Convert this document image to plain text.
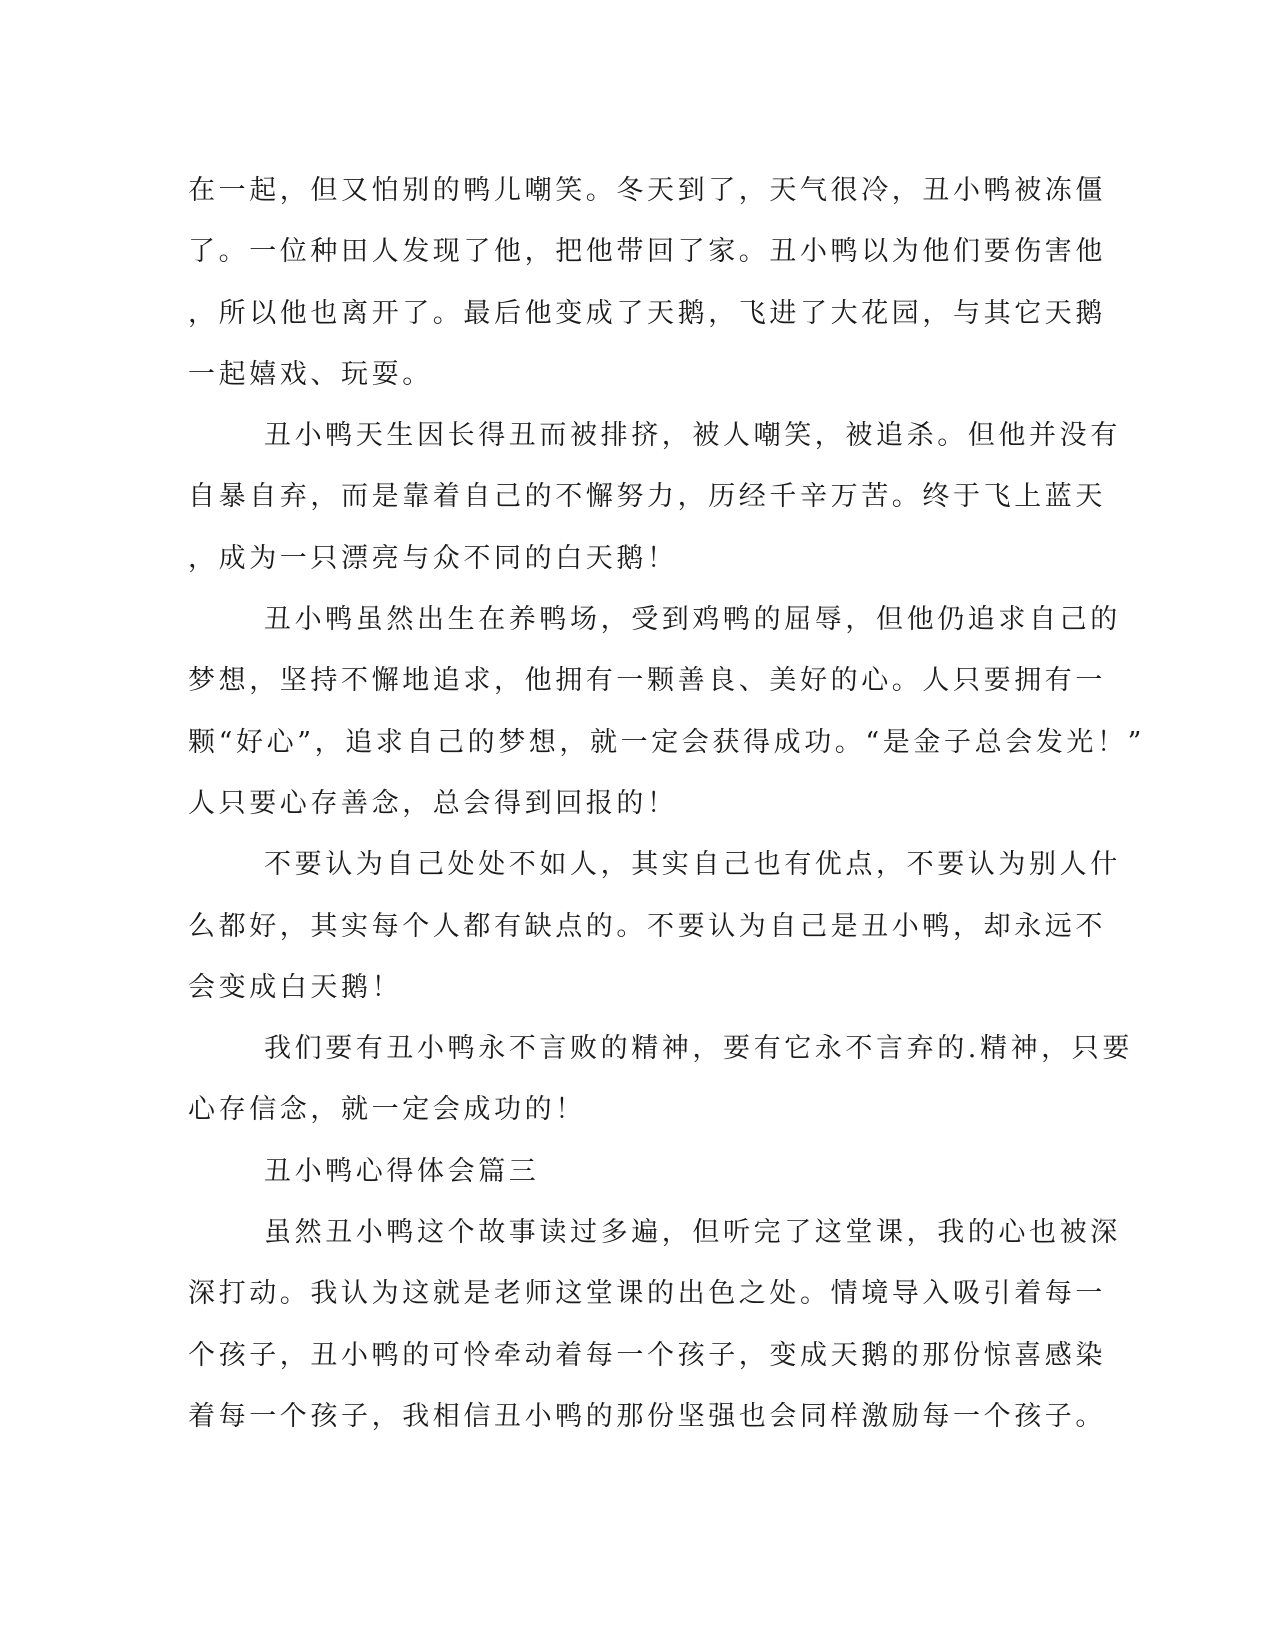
在一起，但又怕别的鸭儿嘲笑。冬天到了，天气很冷，丑小鸭被冻僵
了。一位种田人发现了他，把他带回了家。丑小鸭以为他们要伤害他
，所以他也离开了。最后他变成了天鹅，飞进了大花园，与其它天鹅
一起嬉戏、玩耍。
丑小鸭天生因长得丑而被排挤，被人嘲笑，被追杀。但他并没有
自暴自弃，而是靠着自己的不懈努力，历经千辛万苦。终于飞上蓝天
，成为一只漂亮与众不同的白天鹅！
丑小鸭虽然出生在养鸭场，受到鸡鸭的屈辱，但他仍追求自己的
梦想，坚持不懈地追求，他拥有一颗善良、美好的心。人只要拥有一
颗“好心”，追求自己的梦想，就一定会获得成功。“是金子总会发光！”
人只要心存善念，总会得到回报的！
不要认为自己处处不如人，其实自己也有优点，不要认为别人什
么都好，其实每个人都有缺点的。不要认为自己是丑小鸭，却永远不
会变成白天鹅！
我们要有丑小鸭永不言败的精神，要有它永不言弃的.精神，只要
心存信念，就一定会成功的！
丑小鸭心得体会篇三
虽然丑小鸭这个故事读过多遍，但听完了这堂课，我的心也被深
深打动。我认为这就是老师这堂课的出色之处。情境导入吸引着每一
个孩子，丑小鸭的可怜牵动着每一个孩子，变成天鹅的那份惊喜感染
着每一个孩子，我相信丑小鸭的那份坚强也会同样激励每一个孩子。
